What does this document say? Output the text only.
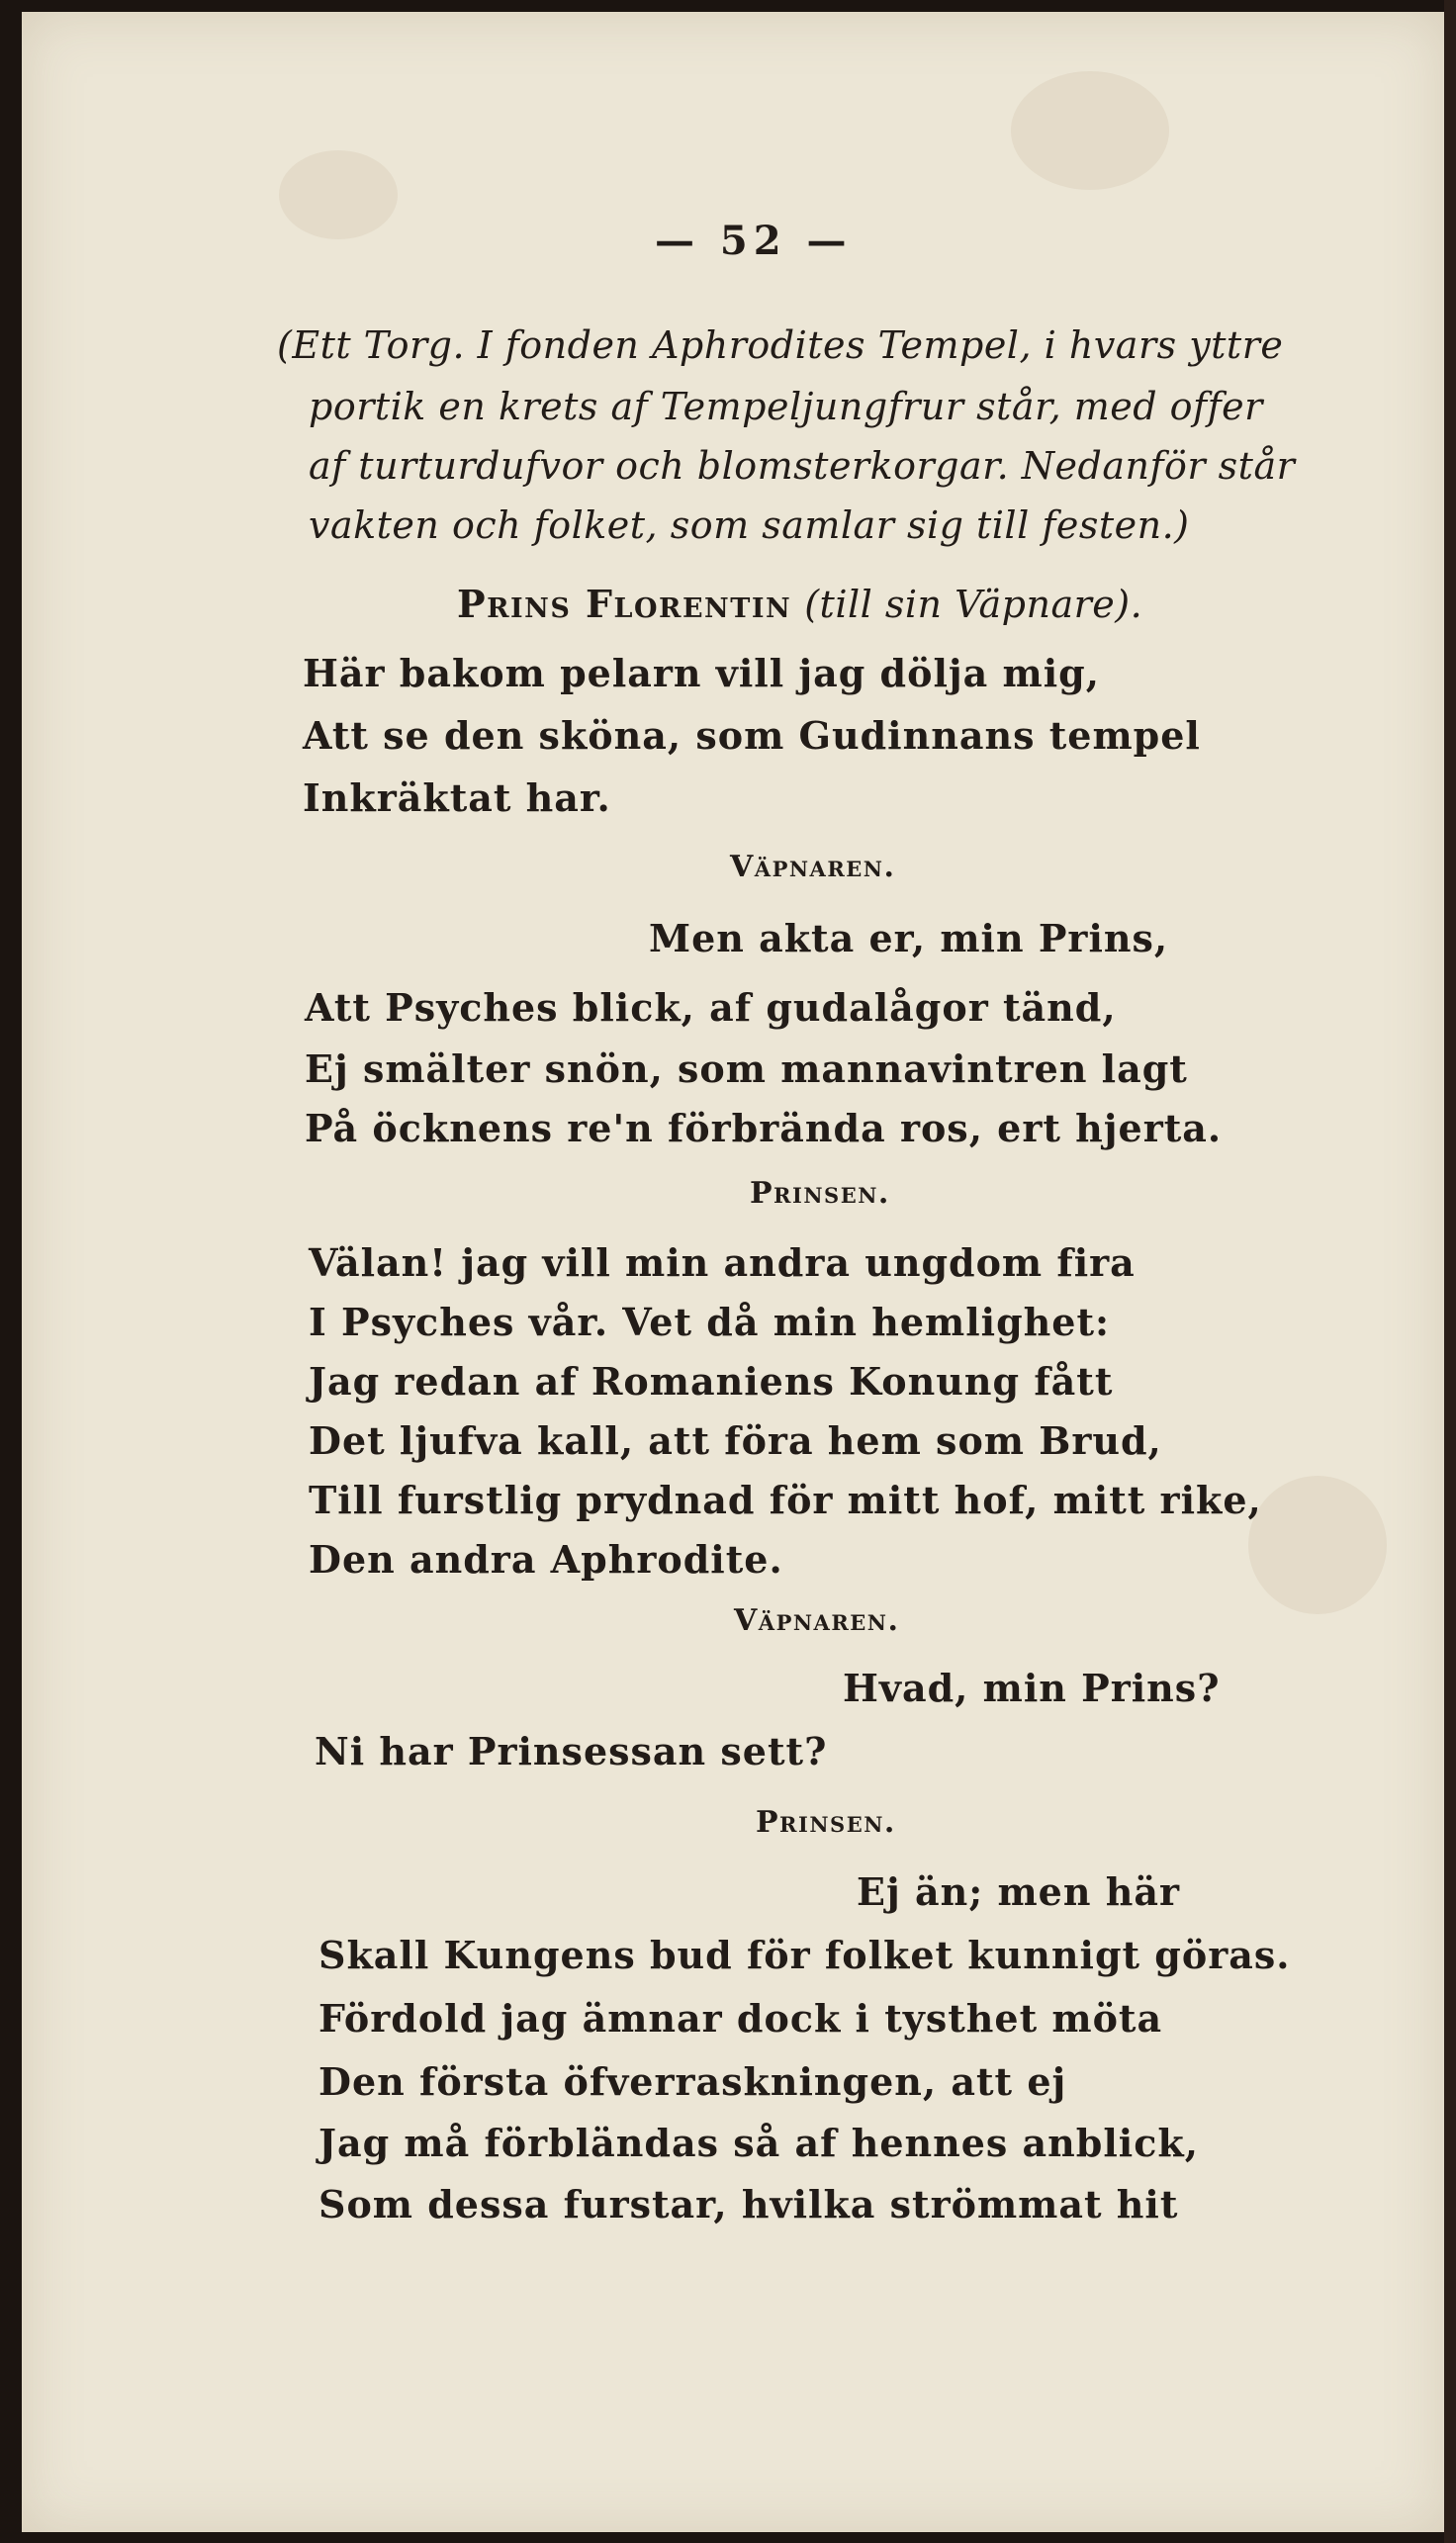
— 52 —
(Ett Torg. I fonden Aphrodites Tempel, i hvars yttre
portik en krets af Tempeljungfrur står, med offer
af turturdufvor och blomsterkorgar. Nedanför står
vakten och folket, som samlar sig till festen.)
Prins Florentin (till sin Väpnare).
Här bakom pelarn vill jag dölja mig,
Att se den sköna, som Gudinnans tempel
Inkräktat har.
Väpnaren.
Men akta er, min Prins,
Att Psyches blick, af gudalågor tänd,
Ej smälter snön, som mannavintren lagt
På öcknens re'n förbrända ros, ert hjerta.
Prinsen.
Välan! jag vill min andra ungdom fira
I Psyches vår. Vet då min hemlighet:
Jag redan af Romaniens Konung fått
Det ljufva kall, att föra hem som Brud,
Till furstlig prydnad för mitt hof, mitt rike,
Den andra Aphrodite.
Väpnaren.
Hvad, min Prins?
Ni har Prinsessan sett?
Prinsen.
Ej än; men här
Skall Kungens bud för folket kunnigt göras.
Fördold jag ämnar dock i tysthet möta
Den första öfverraskningen, att ej
Jag må förbländas så af hennes anblick,
Som dessa furstar, hvilka strömmat hit
